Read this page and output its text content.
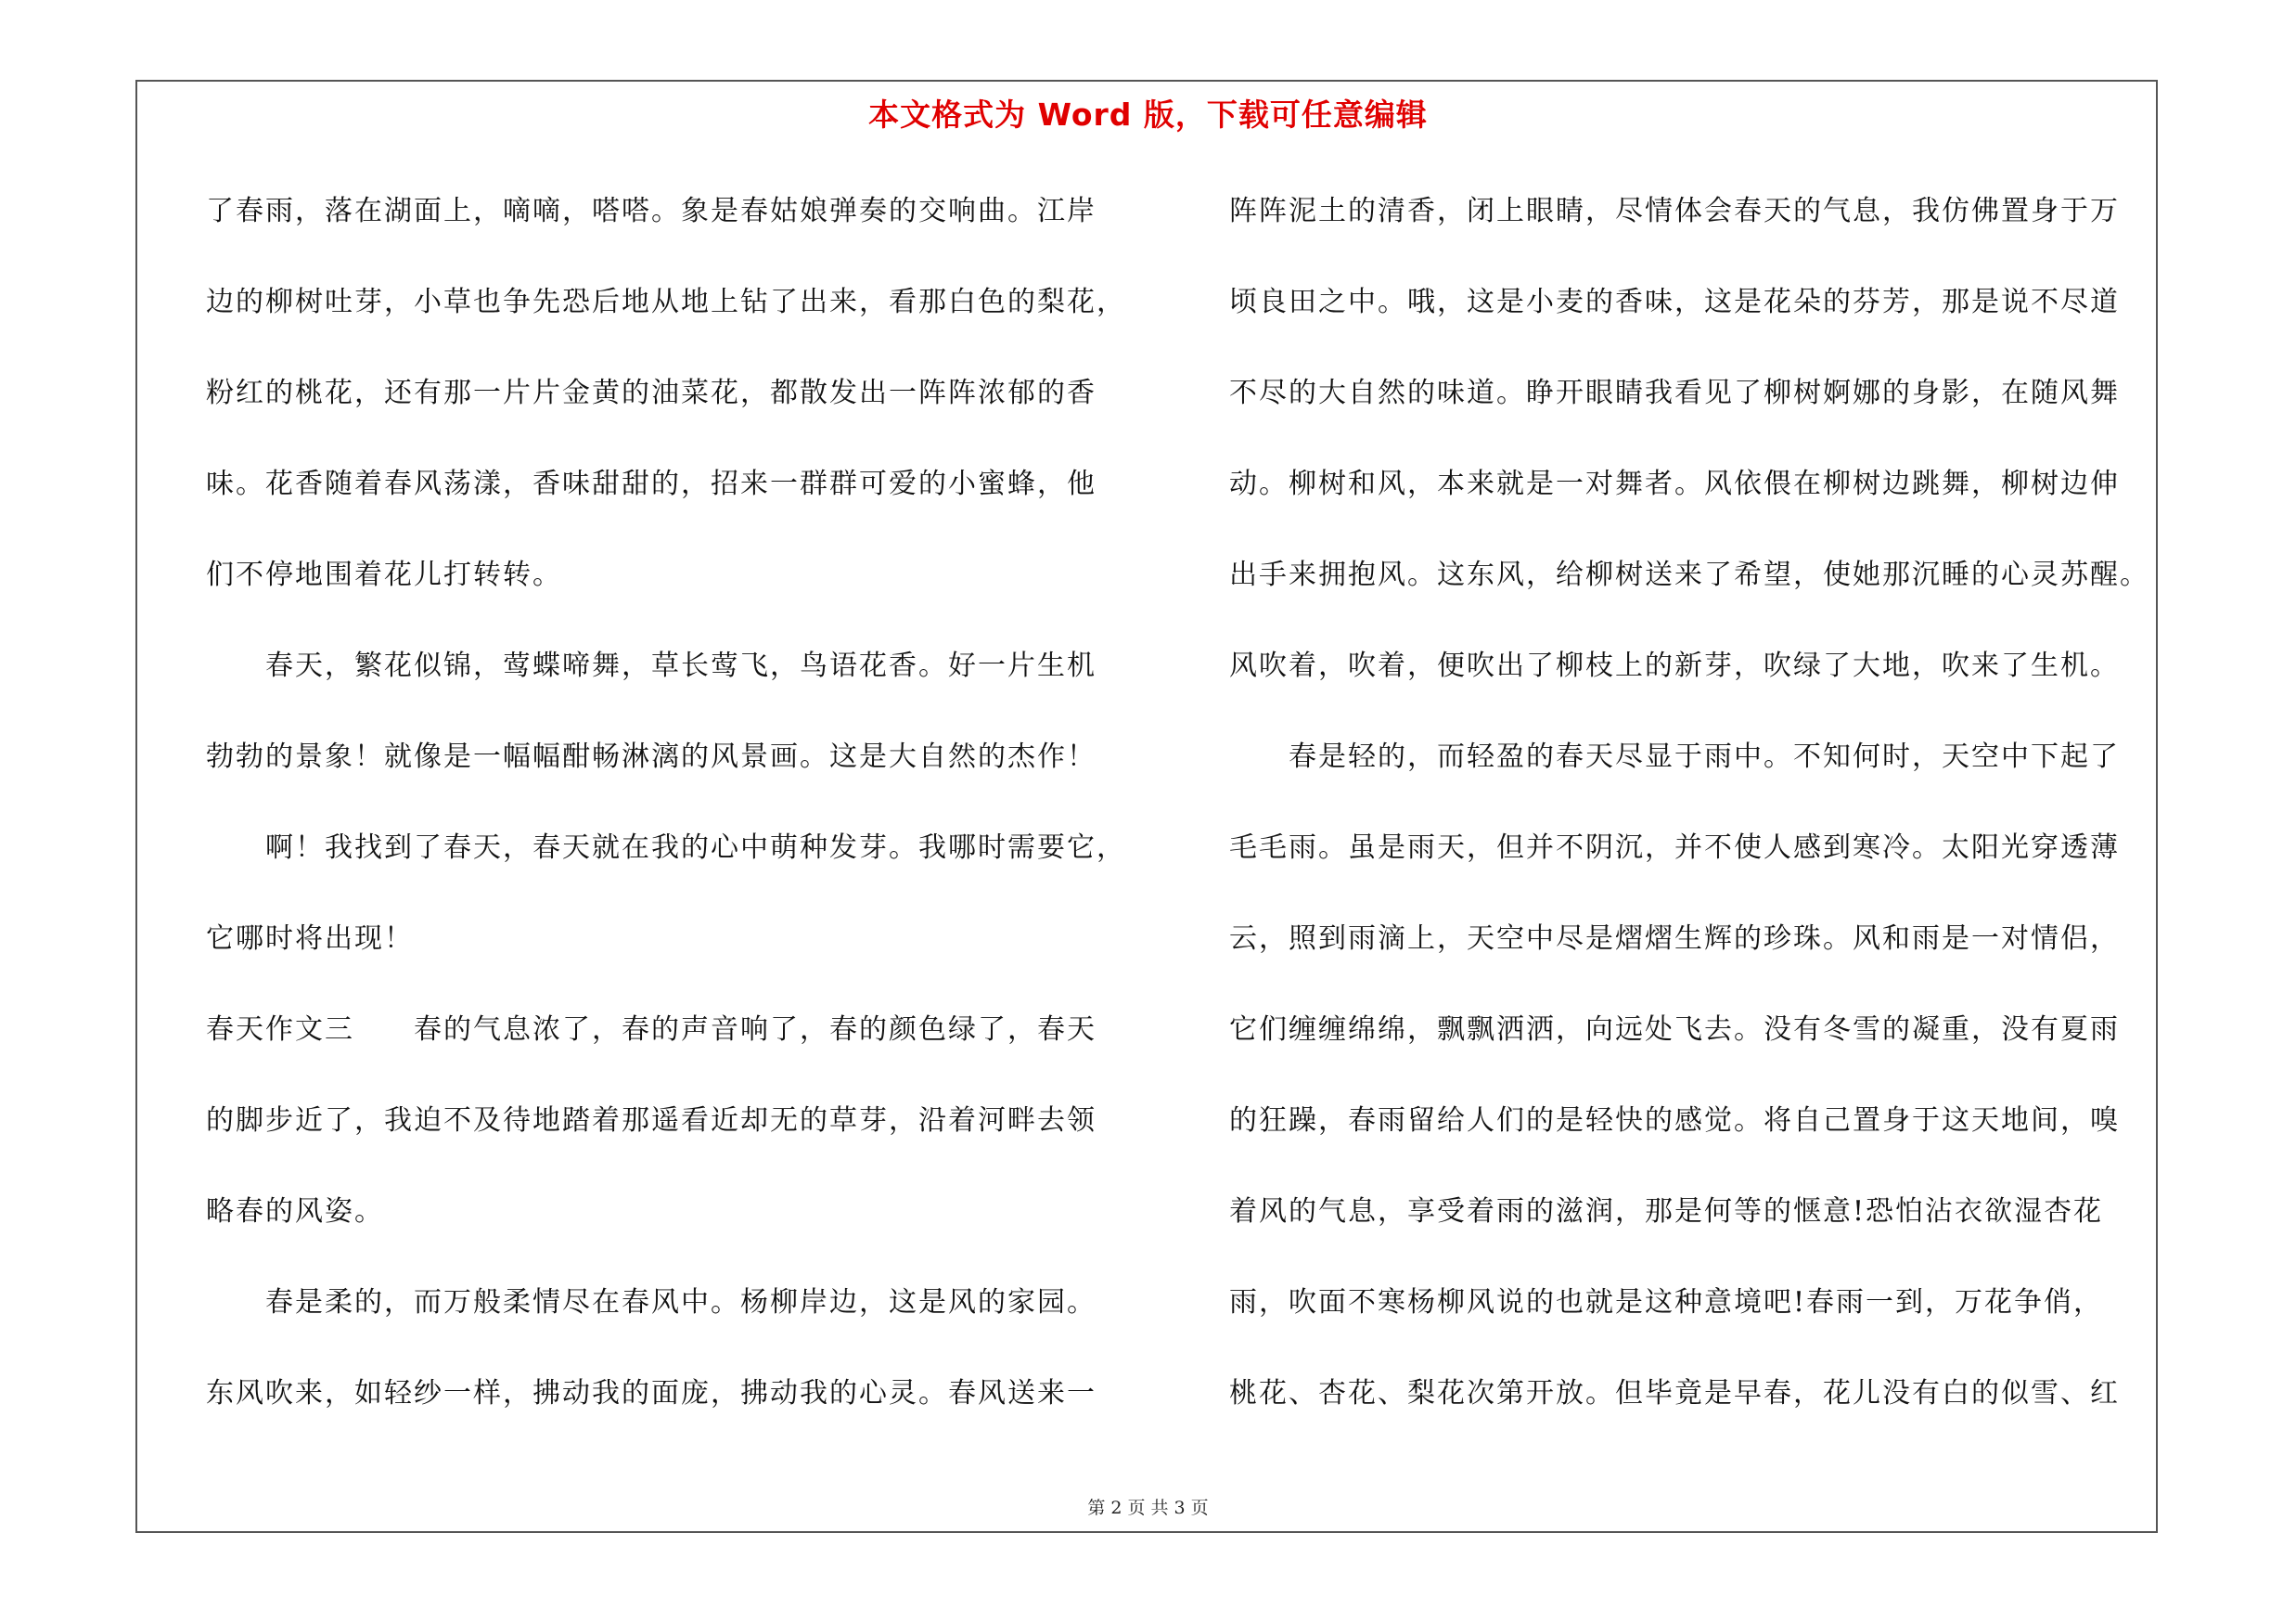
本文格式为 Word 版，下载可任意编辑
了春雨，落在湖面上，嘀嘀，嗒嗒。象是春姑娘弹奏的交响曲。江岸
边的柳树吐芽，小草也争先恐后地从地上钻了出来，看那白色的梨花，
粉红的桃花，还有那一片片金黄的油菜花，都散发出一阵阵浓郁的香
味。花香随着春风荡漾，香味甜甜的，招来一群群可爱的小蜜蜂，他
们不停地围着花儿打转转。
　　春天，繁花似锦，莺蝶啼舞，草长莺飞，鸟语花香。好一片生机
勃勃的景象！就像是一幅幅酣畅淋漓的风景画。这是大自然的杰作！
　　啊！我找到了春天，春天就在我的心中萌种发芽。我哪时需要它，
它哪时将出现！
春天作文三　　春的气息浓了，春的声音响了，春的颜色绿了，春天
的脚步近了，我迫不及待地踏着那遥看近却无的草芽，沿着河畔去领
略春的风姿。
　　春是柔的，而万般柔情尽在春风中。杨柳岸边，这是风的家园。
东风吹来，如轻纱一样，拂动我的面庞，拂动我的心灵。春风送来一
阵阵泥土的清香，闭上眼睛，尽情体会春天的气息，我仿佛置身于万
顷良田之中。哦，这是小麦的香味，这是花朵的芬芳，那是说不尽道
不尽的大自然的味道。睁开眼睛我看见了柳树婀娜的身影，在随风舞
动。柳树和风，本来就是一对舞者。风依偎在柳树边跳舞，柳树边伸
出手来拥抱风。这东风，给柳树送来了希望，使她那沉睡的心灵苏醒。
风吹着，吹着，便吹出了柳枝上的新芽，吹绿了大地，吹来了生机。
　　春是轻的，而轻盈的春天尽显于雨中。不知何时，天空中下起了
毛毛雨。虽是雨天，但并不阴沉，并不使人感到寒冷。太阳光穿透薄
云，照到雨滴上，天空中尽是熠熠生辉的珍珠。风和雨是一对情侣，
它们缠缠绵绵，飘飘洒洒，向远处飞去。没有冬雪的凝重，没有夏雨
的狂躁，春雨留给人们的是轻快的感觉。将自己置身于这天地间，嗅
着风的气息，享受着雨的滋润，那是何等的惬意!恐怕沾衣欲湿杏花
雨，吹面不寒杨柳风说的也就是这种意境吧!春雨一到，万花争俏，
桃花、杏花、梨花次第开放。但毕竟是早春，花儿没有白的似雪、红
第 2 页 共 3 页
